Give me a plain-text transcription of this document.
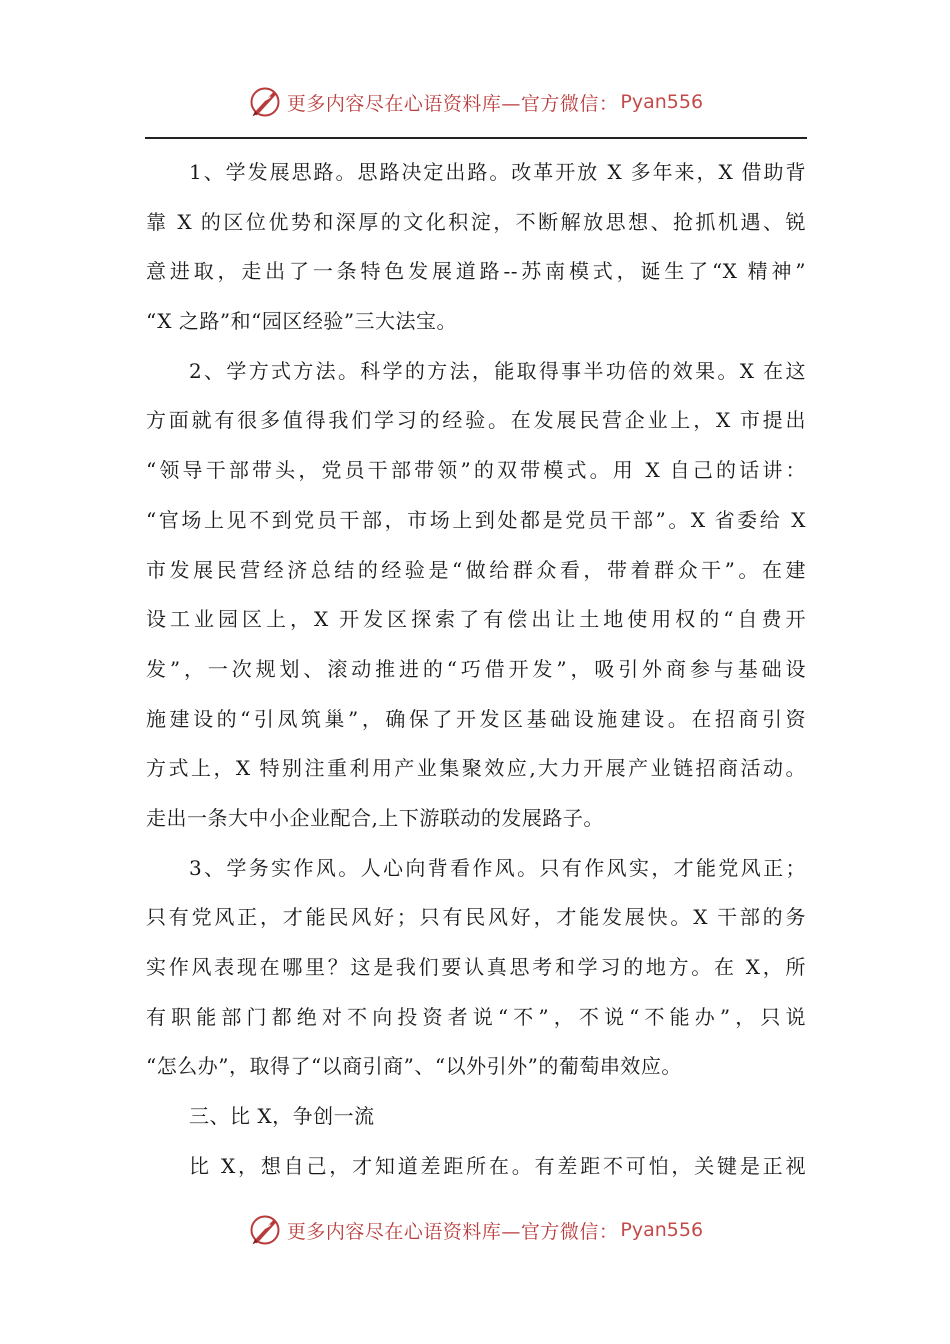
更多内容尽在心语资料库—官方微信： Pyan556
1、学发展思路。思路决定出路。改革开放 X 多年来，X 借助背
靠 X 的区位优势和深厚的文化积淀，不断解放思想、抢抓机遇、锐
意进取，走出了一条特色发展道路--苏南模式，诞生了“X 精神”
“X 之路”和“园区经验”三大法宝。
2、学方式方法。科学的方法，能取得事半功倍的效果。X 在这
方面就有很多值得我们学习的经验。在发展民营企业上，X 市提出
“领导干部带头，党员干部带领”的双带模式。用 X 自己的话讲：
“官场上见不到党员干部，市场上到处都是党员干部”。X 省委给 X
市发展民营经济总结的经验是“做给群众看，带着群众干”。在建
设工业园区上，X 开发区探索了有偿出让土地使用权的“自费开
发”，一次规划、滚动推进的“巧借开发”，吸引外商参与基础设
施建设的“引凤筑巢”，确保了开发区基础设施建设。在招商引资
方式上，X 特别注重利用产业集聚效应,大力开展产业链招商活动。
走出一条大中小企业配合,上下游联动的发展路子。
3、学务实作风。人心向背看作风。只有作风实，才能党风正；
只有党风正，才能民风好；只有民风好，才能发展快。X 干部的务
实作风表现在哪里？这是我们要认真思考和学习的地方。在 X，所
有职能部门都绝对不向投资者说“不”，不说“不能办”，只说
“怎么办”，取得了“以商引商”、“以外引外”的葡萄串效应。
三、比 X，争创一流
比 X，想自己，才知道差距所在。有差距不可怕，关键是正视
更多内容尽在心语资料库—官方微信： Pyan556
